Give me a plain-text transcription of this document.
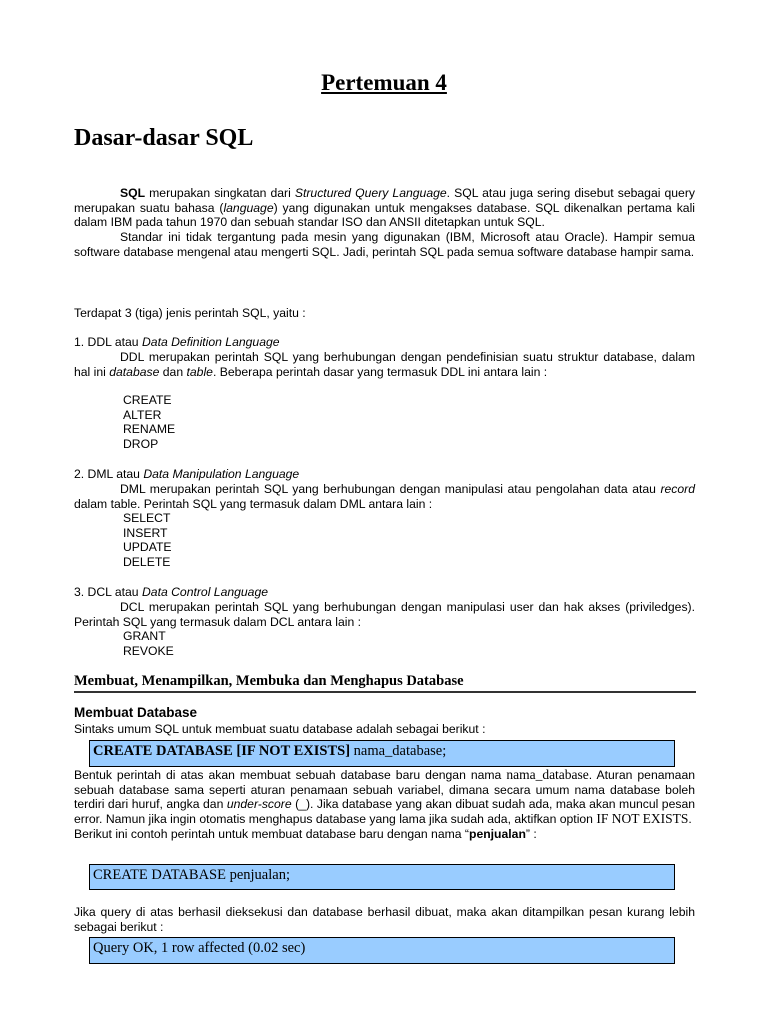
Pertemuan 4
Dasar-dasar SQL

SQL merupakan singkatan dari Structured Query Language. SQL atau juga sering disebut sebagai query merupakan suatu bahasa (language) yang digunakan untuk mengakses database. SQL dikenalkan pertama kali dalam IBM pada tahun 1970 dan sebuah standar ISO dan ANSII ditetapkan untuk SQL.

Standar ini tidak tergantung pada mesin yang digunakan (IBM, Microsoft atau Oracle). Hampir semua software database mengenal atau mengerti SQL. Jadi, perintah SQL pada semua software database hampir sama.

Terdapat 3 (tiga) jenis perintah SQL, yaitu :
1. DDL atau Data Definition Language

DDL merupakan perintah SQL yang berhubungan dengan pendefinisian suatu struktur database, dalam hal ini database dan table. Beberapa perintah dasar yang termasuk DDL ini antara lain :

CREATE
ALTER
RENAME
DROP
2. DML atau Data Manipulation Language

DML merupakan perintah SQL yang berhubungan dengan manipulasi atau pengolahan data atau record dalam table. Perintah SQL yang termasuk dalam DML antara lain :

SELECT
INSERT
UPDATE
DELETE
3. DCL atau Data Control Language

DCL merupakan perintah SQL yang berhubungan dengan manipulasi user dan hak akses (priviledges). Perintah SQL yang termasuk dalam DCL antara lain :

GRANT
REVOKE
Membuat, Menampilkan, Membuka dan Menghapus Database
Membuat Database
Sintaks umum SQL untuk membuat suatu database adalah sebagai berikut :
CREATE DATABASE [IF NOT EXISTS] nama_database;

Bentuk perintah di atas akan membuat sebuah database baru dengan nama nama_database. Aturan penamaan sebuah database sama seperti aturan penamaan sebuah variabel, dimana secara umum nama database boleh terdiri dari huruf, angka dan under-score (_). Jika database yang akan dibuat sudah ada, maka akan muncul pesan error. Namun jika ingin otomatis menghapus database yang lama jika sudah ada, aktifkan option IF NOT EXISTS.

Berikut ini contoh perintah untuk membuat database baru dengan nama “penjualan” :

CREATE DATABASE penjualan;

Jika query di atas berhasil dieksekusi dan database berhasil dibuat, maka akan ditampilkan pesan kurang lebih sebagai berikut :

Query OK, 1 row affected (0.02 sec)
